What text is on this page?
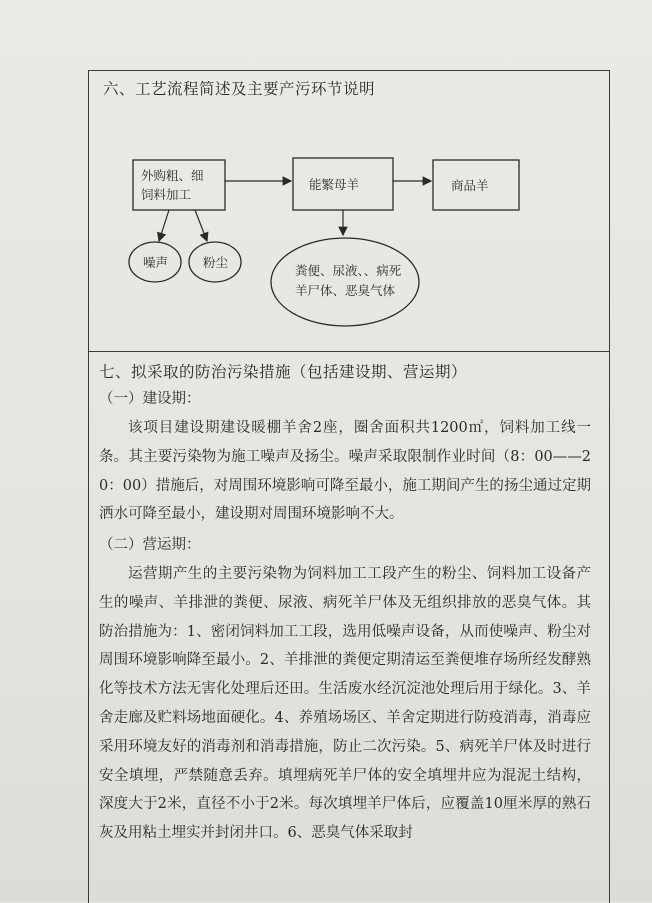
六、工艺流程简述及主要产污环节说明
外购粗、细
饲料加工
能繁母羊	商品羊
噪声	粉尘
粪便、尿液、、病死
羊尸体、恶臭气体
七、拟采取的防治污染措施（包括建设期、营运期）
（一）建设期：

该项目建设期建设暖棚羊舍2座，圈舍面积共1200㎡，饲料加工线一条。其主要污染物为施工噪声及扬尘。噪声采取限制作业时间（8：00——20：00）措施后，对周围环境影响可降至最小，施工期间产生的扬尘通过定期洒水可降至最小，建设期对周围环境影响不大。

（二）营运期：

运营期产生的主要污染物为饲料加工工段产生的粉尘、饲料加工设备产生的噪声、羊排泄的粪便、尿液、病死羊尸体及无组织排放的恶臭气体。其防治措施为：1、密闭饲料加工工段，选用低噪声设备，从而使噪声、粉尘对周围环境影响降至最小。2、羊排泄的粪便定期清运至粪便堆存场所经发酵熟化等技术方法无害化处理后还田。生活废水经沉淀池处理后用于绿化。3、羊舍走廊及贮料场地面硬化。4、养殖场场区、羊舍定期进行防疫消毒，消毒应采用环境友好的消毒剂和消毒措施，防止二次污染。5、病死羊尸体及时进行安全填埋，严禁随意丢弃。填埋病死羊尸体的安全填埋井应为混泥土结构，深度大于2米，直径不小于2米。每次填埋羊尸体后，应覆盖10厘米厚的熟石灰及用粘土埋实并封闭井口。6、恶臭气体采取封
